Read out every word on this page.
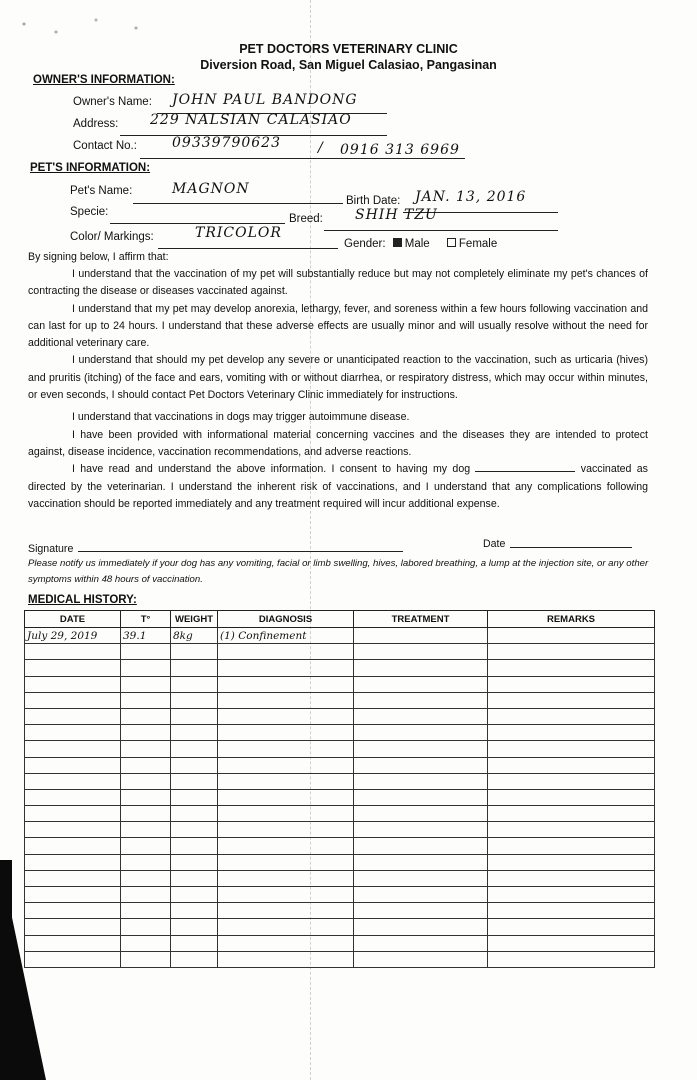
PET DOCTORS VETERINARY CLINIC
Diversion Road, San Miguel Calasiao, Pangasinan
OWNER'S INFORMATION:
Owner's Name: JOHN PAUL BANDONG
Address: 229 NALSIAN CALASIAO
Contact No.:	09339790623	/ 0916 313 6969
PET'S INFORMATION:
Pet's Name:	MAGNON
Birth Date: JAN. 13, 2016
Specie:
Breed: SHIH TZU
Color/ Markings:	TRICOLOR
Gender: Male	Female
By signing below, I affirm that:

I understand that the vaccination of my pet will substantially reduce but may not completely eliminate my pet's chances of contracting the disease or diseases vaccinated against.

I understand that my pet may develop anorexia, lethargy, fever, and soreness within a few hours following vaccination and can last for up to 24 hours. I understand that these adverse effects are usually minor and will usually resolve without the need for additional veterinary care.

I understand that should my pet develop any severe or unanticipated reaction to the vaccination, such as urticaria (hives) and pruritis (itching) of the face and ears, vomiting with or without diarrhea, or respiratory distress, which may occur within minutes, or even seconds, I should contact Pet Doctors Veterinary Clinic immediately for instructions.

I understand that vaccinations in dogs may trigger autoimmune disease.

I have been provided with informational material concerning vaccines and the diseases they are intended to protect against, disease incidence, vaccination recommendations, and adverse reactions.

I have read and understand the above information. I consent to having my dog	vaccinated as directed by the veterinarian. I understand the inherent risk of vaccinations, and I understand that any complications following vaccination should be reported immediately and any treatment required will incur additional expense.

Signature	Date
Please notify us immediately if your dog has any vomiting, facial or limb swelling, hives, labored breathing, a lump at the injection site, or any other symptoms within 48 hours of vaccination.
MEDICAL HISTORY:
DATE	T°	WEIGHT	DIAGNOSIS	TREATMENT	REMARKS
July 29, 2019	39.1	8kg	(1) Confinement		
